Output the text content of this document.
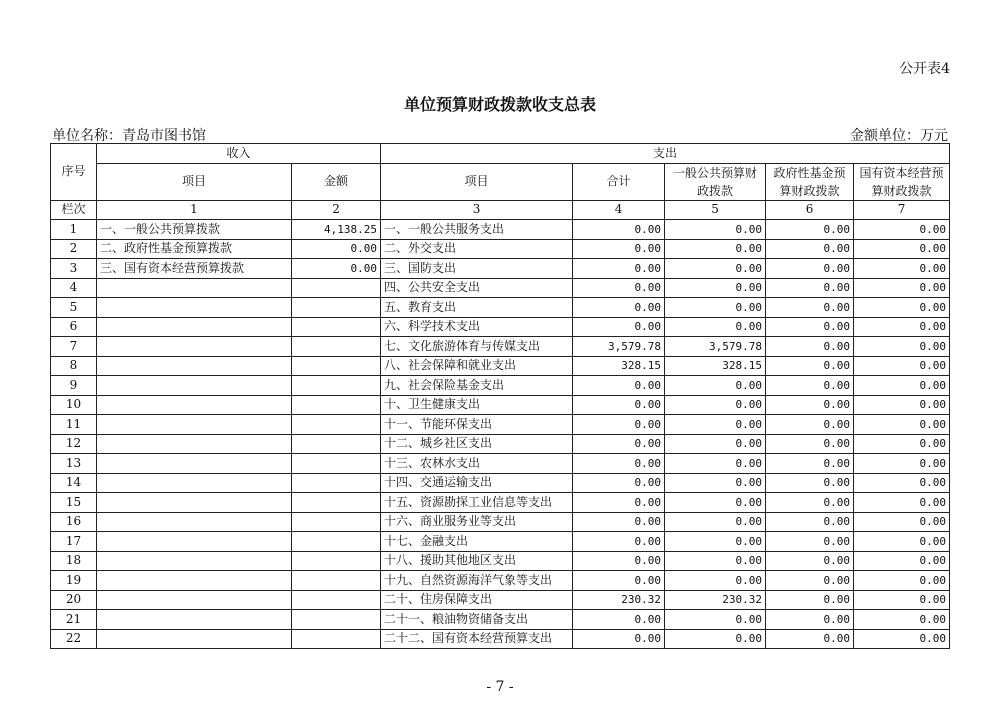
公开表4
单位预算财政拨款收支总表
单位名称：青岛市图书馆	金额单位：万元
序号	收入		支出				
	项目	金额	项目	合计	一般公共预算财政拨款	政府性基金预算财政拨款	国有资本经营预算财政拨款

栏次	1	2	3	4	5	6	7
1	一、一般公共预算拨款	4,138.25	一、一般公共服务支出	0.00	0.00	0.00	0.00
2	二、政府性基金预算拨款	0.00	二、外交支出	0.00	0.00	0.00	0.00
3	三、国有资本经营预算拨款	0.00	三、国防支出	0.00	0.00	0.00	0.00
4			四、公共安全支出	0.00	0.00	0.00	0.00
5			五、教育支出	0.00	0.00	0.00	0.00
6			六、科学技术支出	0.00	0.00	0.00	0.00
7			七、文化旅游体育与传媒支出	3,579.78	3,579.78	0.00	0.00
8			八、社会保障和就业支出	328.15	328.15	0.00	0.00
9			九、社会保险基金支出	0.00	0.00	0.00	0.00
10			十、卫生健康支出	0.00	0.00	0.00	0.00
11			十一、节能环保支出	0.00	0.00	0.00	0.00
12			十二、城乡社区支出	0.00	0.00	0.00	0.00
13			十三、农林水支出	0.00	0.00	0.00	0.00
14			十四、交通运输支出	0.00	0.00	0.00	0.00
15			十五、资源勘探工业信息等支出	0.00	0.00	0.00	0.00
16			十六、商业服务业等支出	0.00	0.00	0.00	0.00
17			十七、金融支出	0.00	0.00	0.00	0.00
18			十八、援助其他地区支出	0.00	0.00	0.00	0.00
19			十九、自然资源海洋气象等支出	0.00	0.00	0.00	0.00
20			二十、住房保障支出	230.32	230.32	0.00	0.00
21			二十一、粮油物资储备支出	0.00	0.00	0.00	0.00
22			二十二、国有资本经营预算支出	0.00	0.00	0.00	0.00
- 7 -
